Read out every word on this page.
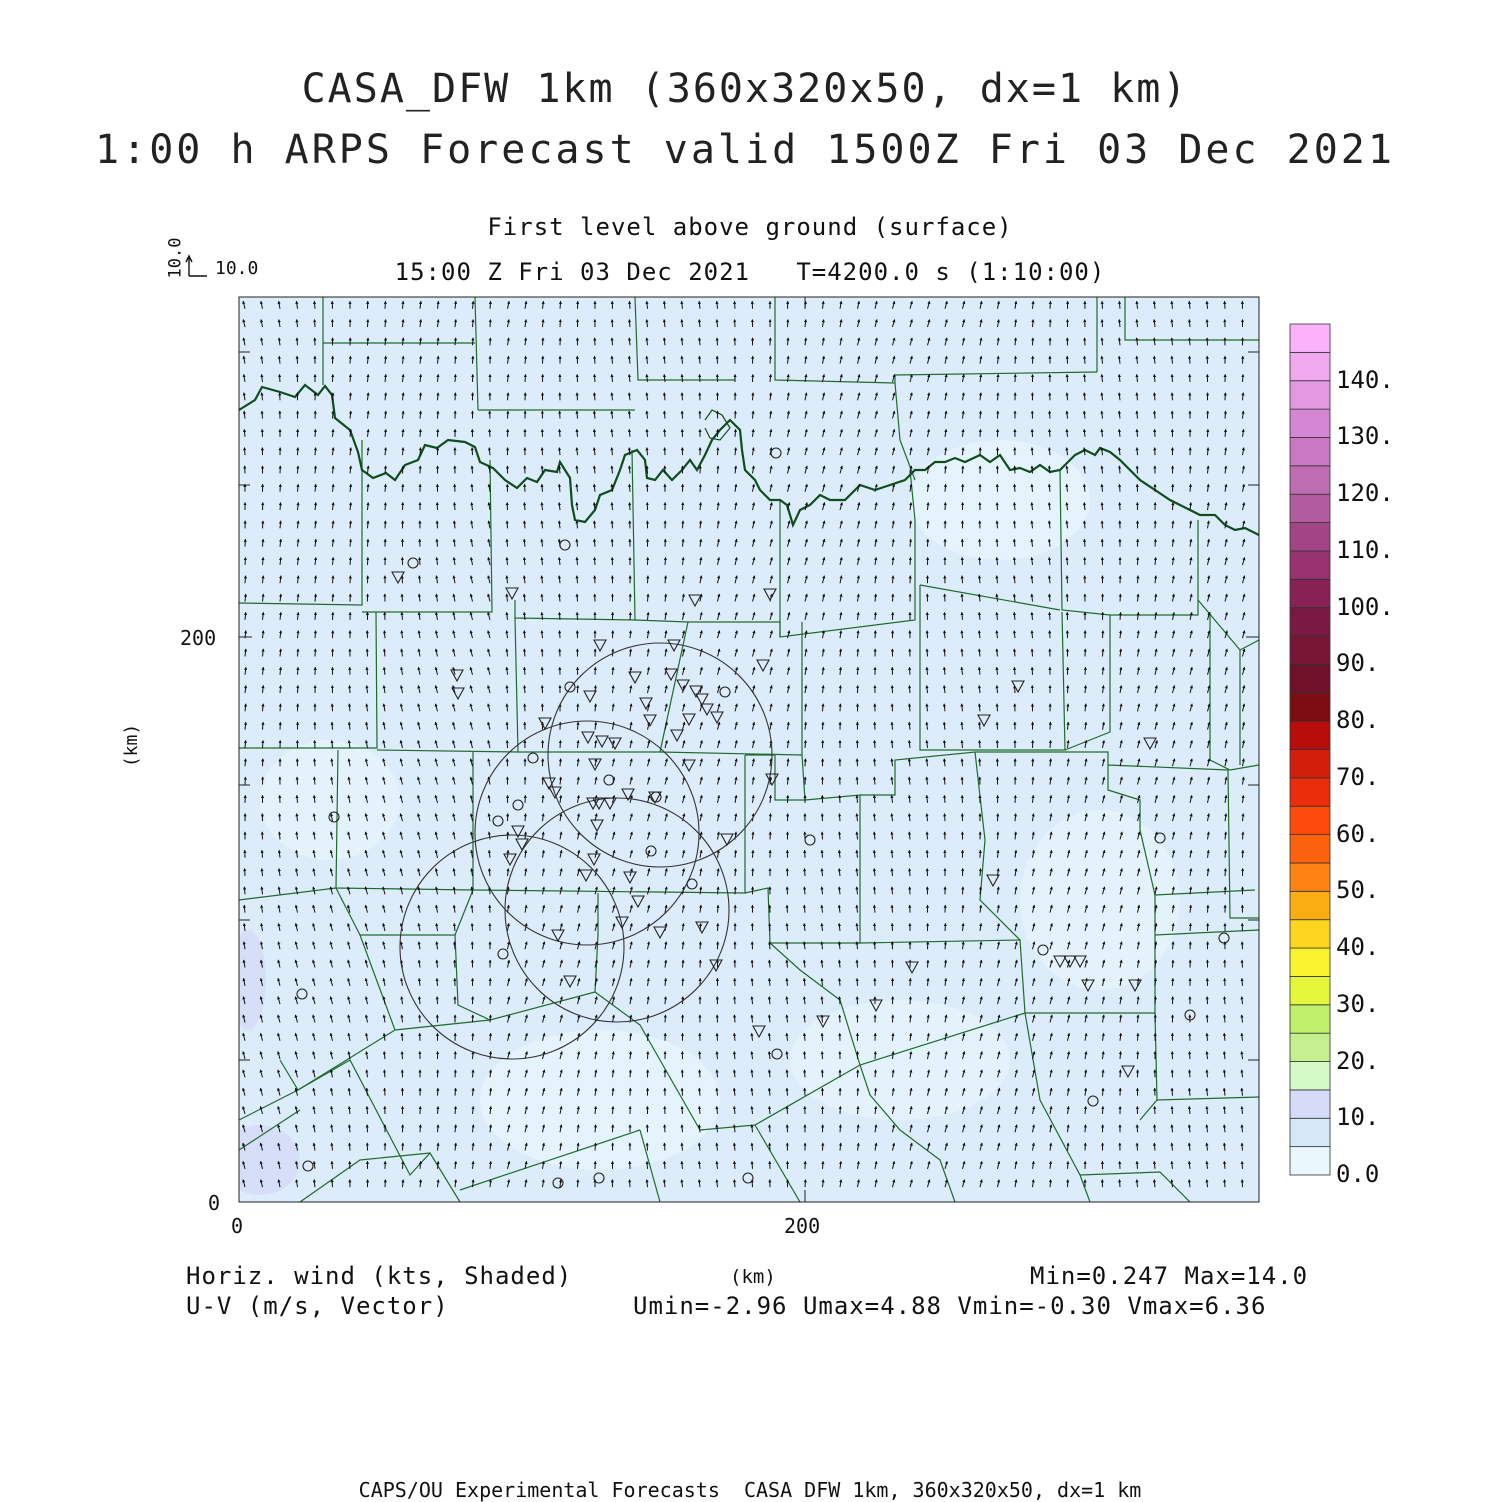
CASA_DFW 1km (360x320x50, dx=1 km)
1:00 h ARPS Forecast valid 1500Z Fri 03 Dec 2021
First level above ground (surface)
15:00 Z Fri 03 Dec 2021   T=4200.0 s (1:10:00)
10.0 10.0
200
0
0	200
(km)
(km)
0.0
10.
20.
30.
40.
50.
60.
70.
80.
90.
100.
110.
120.
130.
140.
Horiz. wind (kts, Shaded)
U-V (m/s, Vector)
Min=0.247 Max=14.0
Umin=-2.96 Umax=4.88 Vmin=-0.30 Vmax=6.36
CAPS/OU Experimental Forecasts  CASA DFW 1km, 360x320x50, dx=1 km
